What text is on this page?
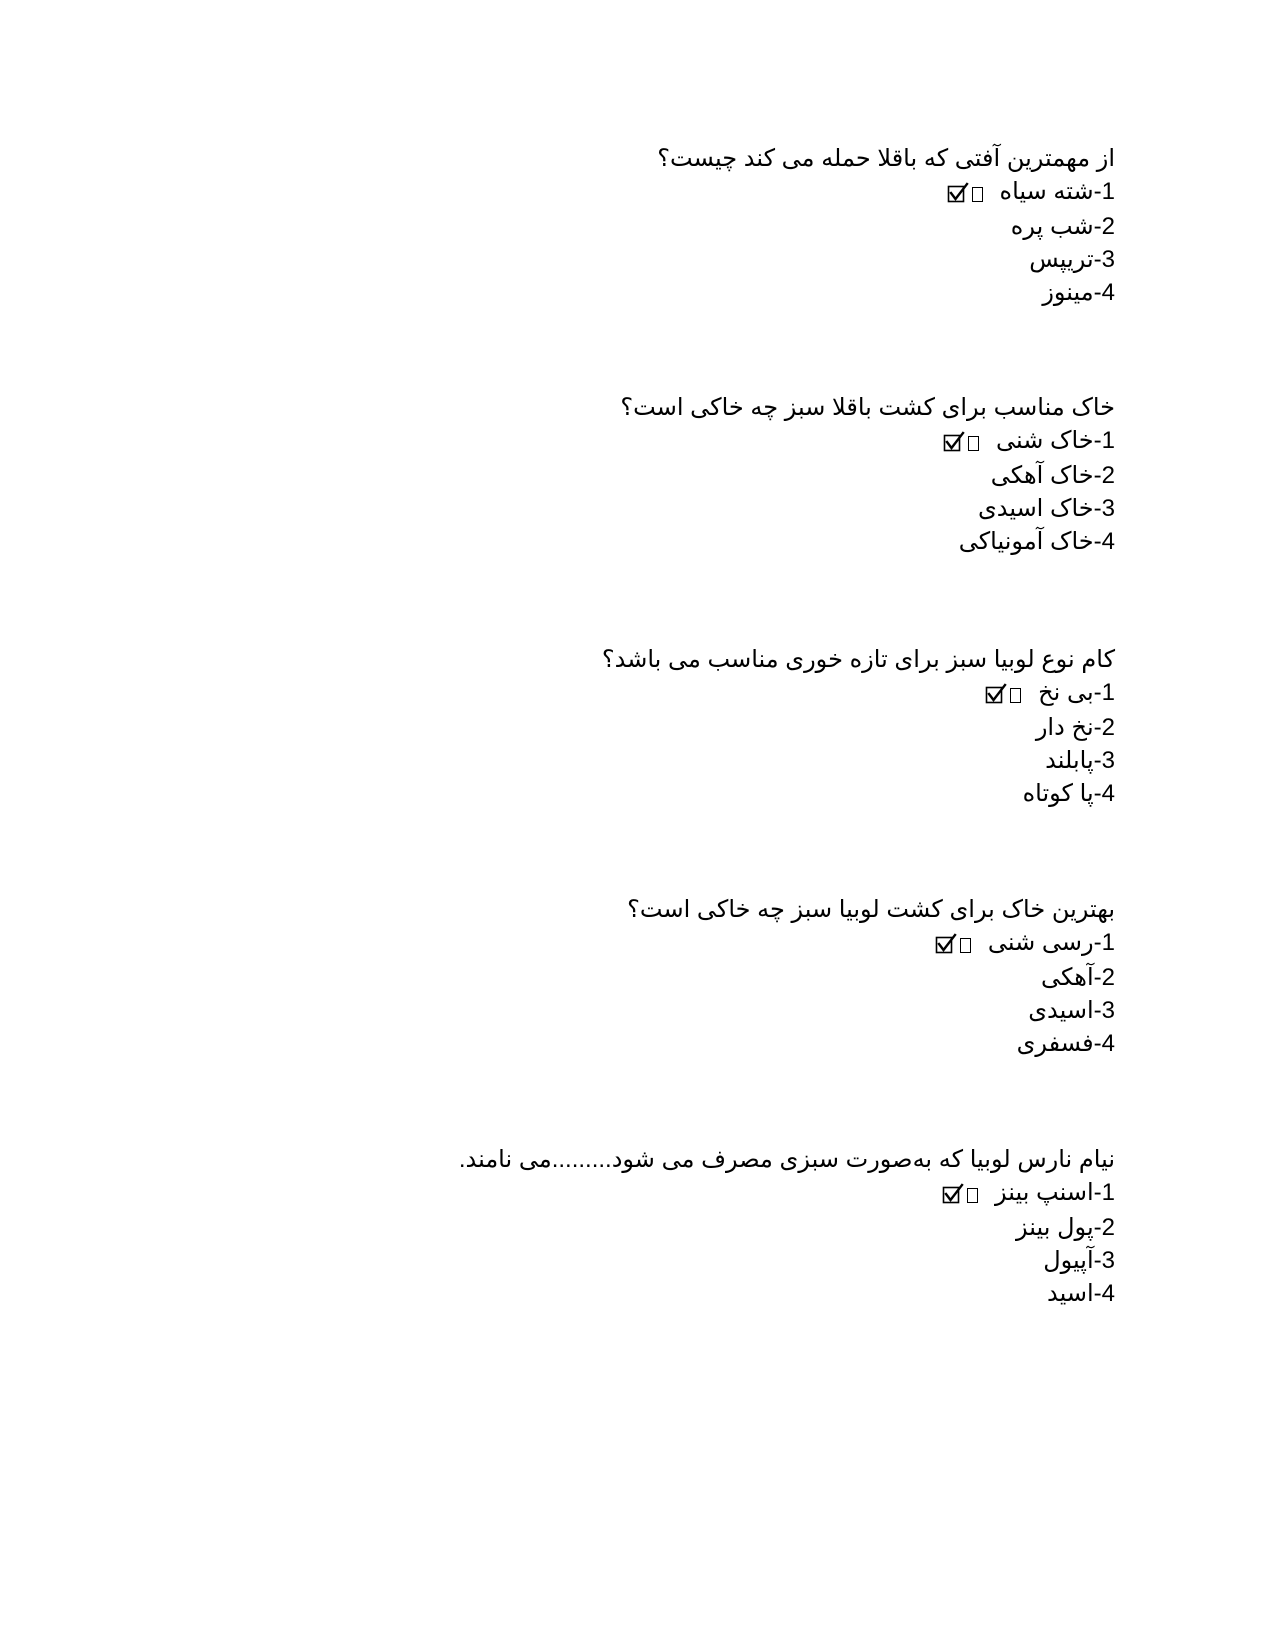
از مهمترین آفتی که باقلا حمله می کند چیست؟
1-شته سیاه
2-شب پره
3-تریپس
4-مینوز
خاک مناسب برای کشت باقلا سبز چه خاکی است؟
1-خاک شنی
2-خاک آهکی
3-خاک اسیدی
4-خاک آمونیاکی
کام نوع لوبیا سبز برای تازه خوری مناسب می باشد؟
1-بی نخ
2-نخ دار
3-پابلند
4-پا کوتاه
بهترین خاک برای کشت لوبیا سبز چه خاکی است؟
1-رسی شنی
2-آهکی
3-اسیدی
4-فسفری
نیام نارس لوبیا که به‌صورت سبزی مصرف می شود.........می نامند.
1-اسنپ بینز
2-پول بینز
3-آپیول
4-اسید
